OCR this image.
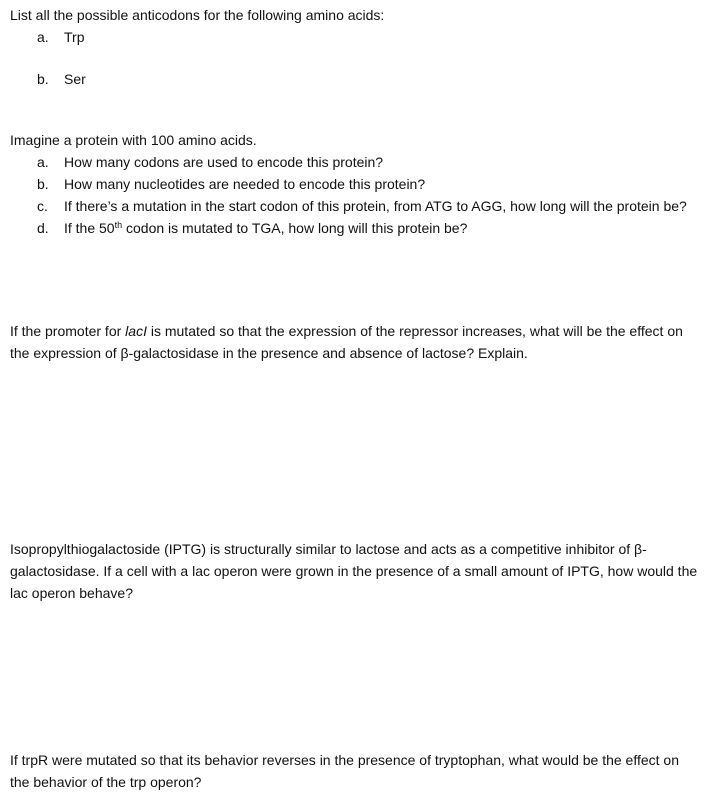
List all the possible anticodons for the following amino acids:

a. Trp
b. Ser

Imagine a protein with 100 amino acids.

a. How many codons are used to encode this protein?
b. How many nucleotides are needed to encode this protein?
c. If there’s a mutation in the start codon of this protein, from ATG to AGG, how long will the protein be?
d. If the 50th codon is mutated to TGA, how long will this protein be?

If the promoter for lacI is mutated so that the expression of the repressor increases, what will be the effect on the expression of β-galactosidase in the presence and absence of lactose? Explain.

Isopropylthiogalactoside (IPTG) is structurally similar to lactose and acts as a competitive inhibitor of β-galactosidase. If a cell with a lac operon were grown in the presence of a small amount of IPTG, how would the lac operon behave?

If trpR were mutated so that its behavior reverses in the presence of tryptophan, what would be the effect on the behavior of the trp operon?
